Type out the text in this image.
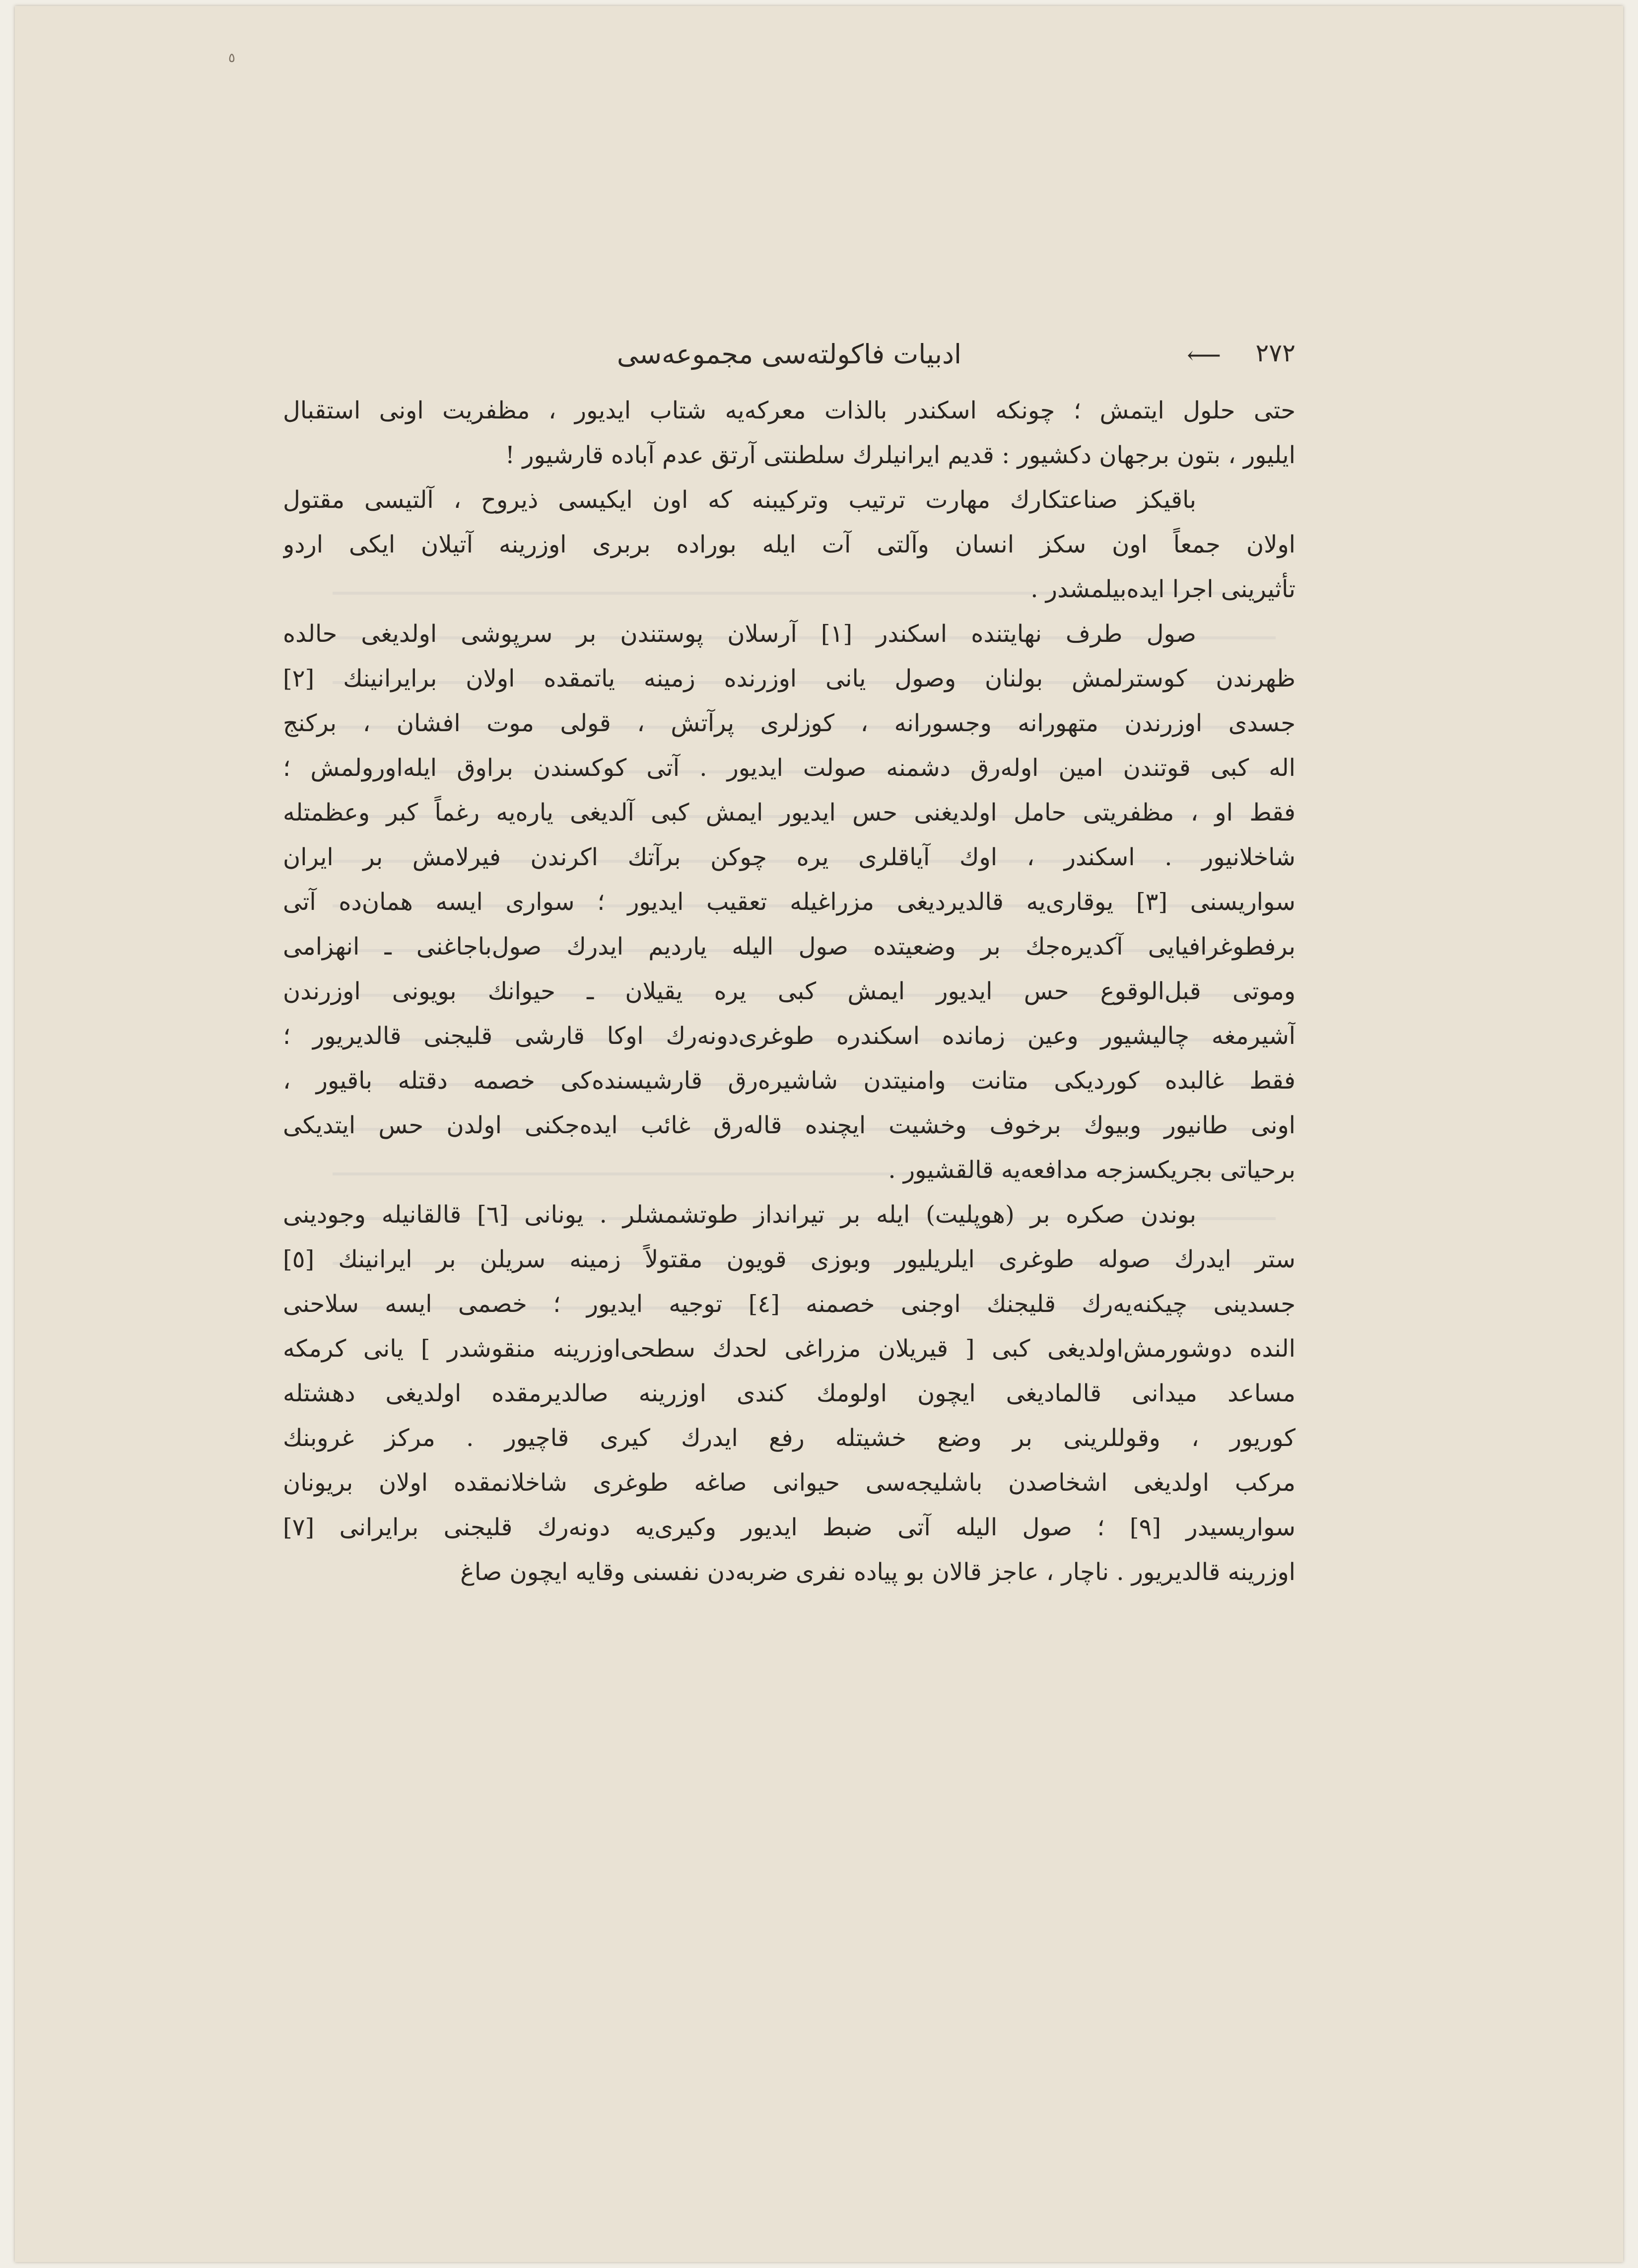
٥
٢٧٢
⟵
ادبيات فاكولته‌سى مجموعه‌سى
حتى حلول ايتمش ؛ چونكه اسكندر بالذات معركه‌يه شتاب ايديور ، مظفريت اونى استقبال
ايليور ، بتون برجهان دكشيور : قديم ايرانيلرك سلطنتى آرتق عدم آباده قارشيور !
باقيكز صناعتكارك مهارت ترتيب وتركيبنه كه اون ايكيسى ذيروح ، آلتيسى مقتول
اولان جمعاً اون سكز انسان وآلتى آت ايله بوراده بربرى اوزرينه آتيلان ايكى اردو
تأثيرينى اجرا ايده‌بيلمشدر .
صول طرف نهايتنده اسكندر [١] آرسلان پوستندن بر سرپوشى اولديغى حالده
ظهرندن كوسترلمش بولنان وصول يانى اوزرنده زمينه ياتمقده اولان برايرانينك [٢]
جسدى اوزرندن متهورانه وجسورانه ، كوزلرى پرآتش ، قولى موت افشان ، بركنج
اله كبى قوتندن امين اوله‌رق دشمنه صولت ايديور . آتى كوكسندن براوق ايله‌اورولمش ؛
فقط او ، مظفريتى حامل اولديغنى حس ايديور ايمش كبى آلديغى ياره‌يه رغماً كبر وعظمتله
شاخلانيور . اسكندر ، اوك آياقلرى يره چوكن برآتك اكرندن فيرلامش بر ايران
سواريسنى [٣] يوقارى‌يه قالديرديغى مزراغيله تعقيب ايديور ؛ سوارى ايسه همان‌ده آتى
برفطوغرافيايى آكديره‌جك بر وضعيتده صول اليله ياردیم ايدرك صول‌باجاغنى ـ انهزامى
وموتى قبل‌الوقوع حس ايديور ايمش كبى يره يقيلان ـ حيوانك بويونى اوزرندن
آشيرمغه چاليشيور وعين زمانده اسكندره طوغرى‌دونه‌رك اوكا قارشى قليجنى قالديريور ؛
فقط غالبده كورديكى متانت وامنيتدن شاشيره‌رق قارشيسنده‌كى خصمه دقتله باقيور ،
اونى طانيور وبيوك برخوف وخشيت ايچنده قاله‌رق غائب ايده‌جكنى اولدن حس ايتديكى
برحياتى بجريكسزجه مدافعه‌يه قالقشيور .
بوندن صكره بر (هوپليت) ايله بر تيرانداز طوتشمشلر . يونانى [٦] قالقانيله وجودينى
ستر ايدرك صوله طوغرى ايلريليور وبوزى قويون مقتولاً زمينه سريلن بر ايرانينك [٥]
جسدينى چيكنه‌يه‌رك قليجنك اوجنى خصمنه [٤] توجيه ايديور ؛ خصمى ايسه سلاحنى
النده دوشورمش‌اولديغى كبى [ قيريلان مزراغى لحدك سطحى‌اوزرينه منقوشدر ] يانى كرمكه
مساعد ميدانى قالماديغى ايچون اولومك كندى اوزرينه صالديرمقده اولديغى دهشتله
كوريور ، وقوللرينى بر وضع خشيتله رفع ايدرك كيرى قاچيور . مركز غروبنك
مركب اولديغى اشخاصدن باشليجه‌سى حيوانى صاغه طوغرى شاخلانمقده اولان بريونان
سواريسيدر [٩] ؛ صول اليله آتى ضبط ايديور وكيرى‌يه دونه‌رك قليجنى برايرانى [٧]
اوزرينه قالديريور . ناچار ، عاجز قالان بو پياده نفرى ضربه‌دن نفسنى وقايه ايچون صاغ
